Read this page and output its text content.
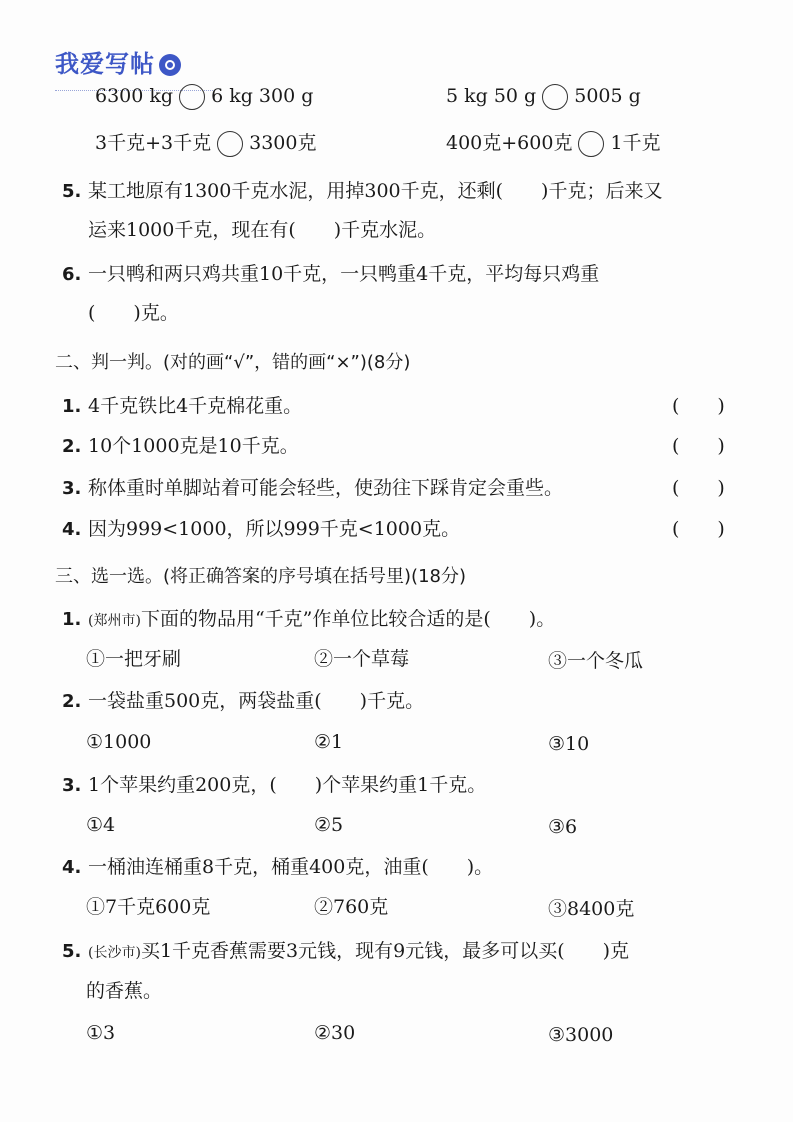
我爱写帖
6300 kg 6 kg 300 g	5 kg 50 g 5005 g
3千克+3千克 3300克	400克+600克 1千克
5. 某工地原有1300千克水泥，用掉300千克，还剩(　　)千克；后来又
运来1000千克，现在有(　　)千克水泥。
6. 一只鸭和两只鸡共重10千克，一只鸭重4千克，平均每只鸡重
(　　)克。
二、判一判。(对的画“√”，错的画“×”)(8分)
1. 4千克铁比4千克棉花重。	(　　)
2. 10个1000克是10千克。	(　　)
3. 称体重时单脚站着可能会轻些，使劲往下踩肯定会重些。	(　　)
4. 因为999<1000，所以999千克<1000克。	(　　)
三、选一选。(将正确答案的序号填在括号里)(18分)
1. (郑州市)下面的物品用“千克”作单位比较合适的是(　　)。
①一把牙刷	②一个草莓	③一个冬瓜
2. 一袋盐重500克，两袋盐重(　　)千克。
①1000	②1	③10
3. 1个苹果约重200克，(　　)个苹果约重1千克。
①4	②5	③6
4. 一桶油连桶重8千克，桶重400克，油重(　　)。
①7千克600克	②760克	③8400克
5. (长沙市)买1千克香蕉需要3元钱，现有9元钱，最多可以买(　　)克
的香蕉。
①3	②30	③3000
